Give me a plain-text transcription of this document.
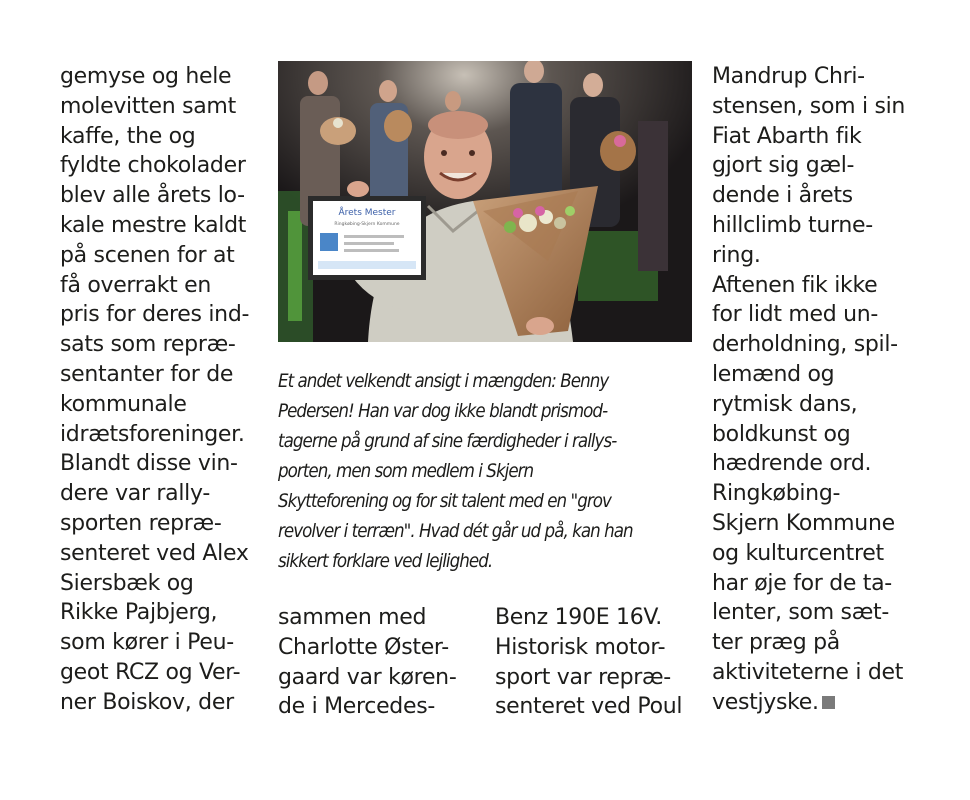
gemyse og hele
molevitten samt
kaffe, the og
fyldte chokolader
blev alle årets lo-
kale mestre kaldt
på scenen for at
få overrakt en
pris for deres ind-
sats som repræ-
sentanter for de
kommunale
idrætsforeninger.
Blandt disse vin-
dere var rally-
sporten repræ-
senteret ved Alex
Siersbæk og
Rikke Pajbjerg,
som kører i Peu-
geot RCZ og Ver-
ner Boiskov, der
Årets Mester
Ringkøbing-Skjern Kommune
Et andet velkendt ansigt i mængden: Benny
Pedersen! Han var dog ikke blandt prismod-
tagerne på grund af sine færdigheder i rallys-
porten, men som medlem i Skjern
Skytteforening og for sit talent med en "grov
revolver i terræn". Hvad dét går ud på, kan han
sikkert forklare ved lejlighed.
sammen med
Charlotte Øster-
gaard var køren-
de i Mercedes-
Benz 190E 16V.
Historisk motor-
sport var repræ-
senteret ved Poul
Mandrup Chri-
stensen, som i sin
Fiat Abarth fik
gjort sig gæl-
dende i årets
hillclimb turne-
ring.
Aftenen fik ikke
for lidt med un-
derholdning, spil-
lemænd og
rytmisk dans,
boldkunst og
hædrende ord.
Ringkøbing-
Skjern Kommune
og kulturcentret
har øje for de ta-
lenter, som sæt-
ter præg på
aktiviteterne i det
vestjyske.
